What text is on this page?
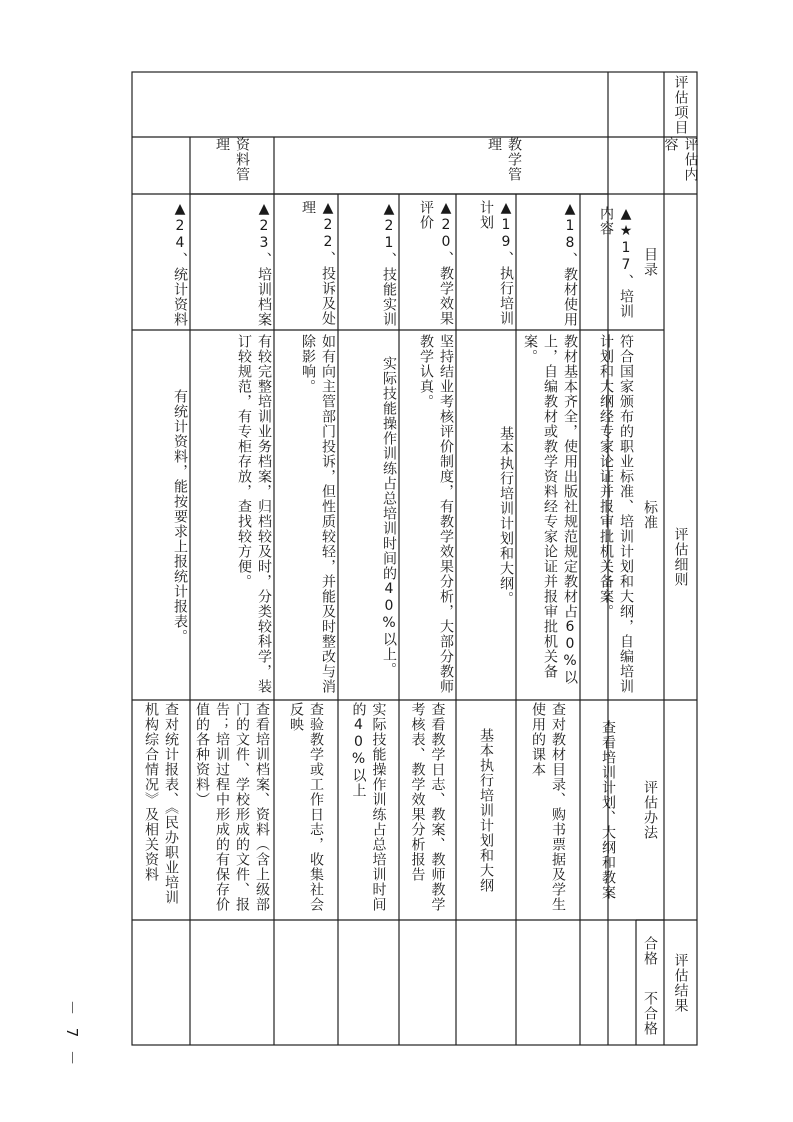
评估项目
评估内容
目录
评估细则
标准
评估办法
评估结果
合格
不合格
教学管理
资料管理
▲★17、培训内容
符合国家颁布的职业标准、培训计划和大纲，自编培训计划和大纲经专家论证并报审批机关备案。
查看培训计划、大纲和教案
▲18、教材使用
教材基本齐全，使用出版社规范规定教材占60%以上，自编教材或教学资料经专家论证并报审批机关备案。
查对教材目录、购书票据及学生使用的课本
▲19、执行培训计划
基本执行培训计划和大纲。
基本执行培训计划和大纲
▲20、教学效果评价
坚持结业考核评价制度，有教学效果分析，大部分教师教学认真。
查看教学日志、教案、教师教学考核表、教学效果分析报告
▲21、技能实训
实际技能操作训练占总培训时间的40%以上。
实际技能操作训练占总培训时间的40%以上
▲22、投诉及处理
如有向主管部门投诉，但性质较轻，并能及时整改与消除影响。
查验教学或工作日志，收集社会反映
▲23、培训档案
有较完整培训业务档案，归档较及时，分类较科学，装订较规范，有专柜存放，查找较方便。
查看培训档案、资料（含上级部门的文件、学校形成的文件、报告；培训过程中形成的有保存价值的各种资料）
▲24、统计资料
有统计资料，能按要求上报统计报表。
查对统计报表、《民办职业培训机构综合情况》及相关资料
－ 7 －
